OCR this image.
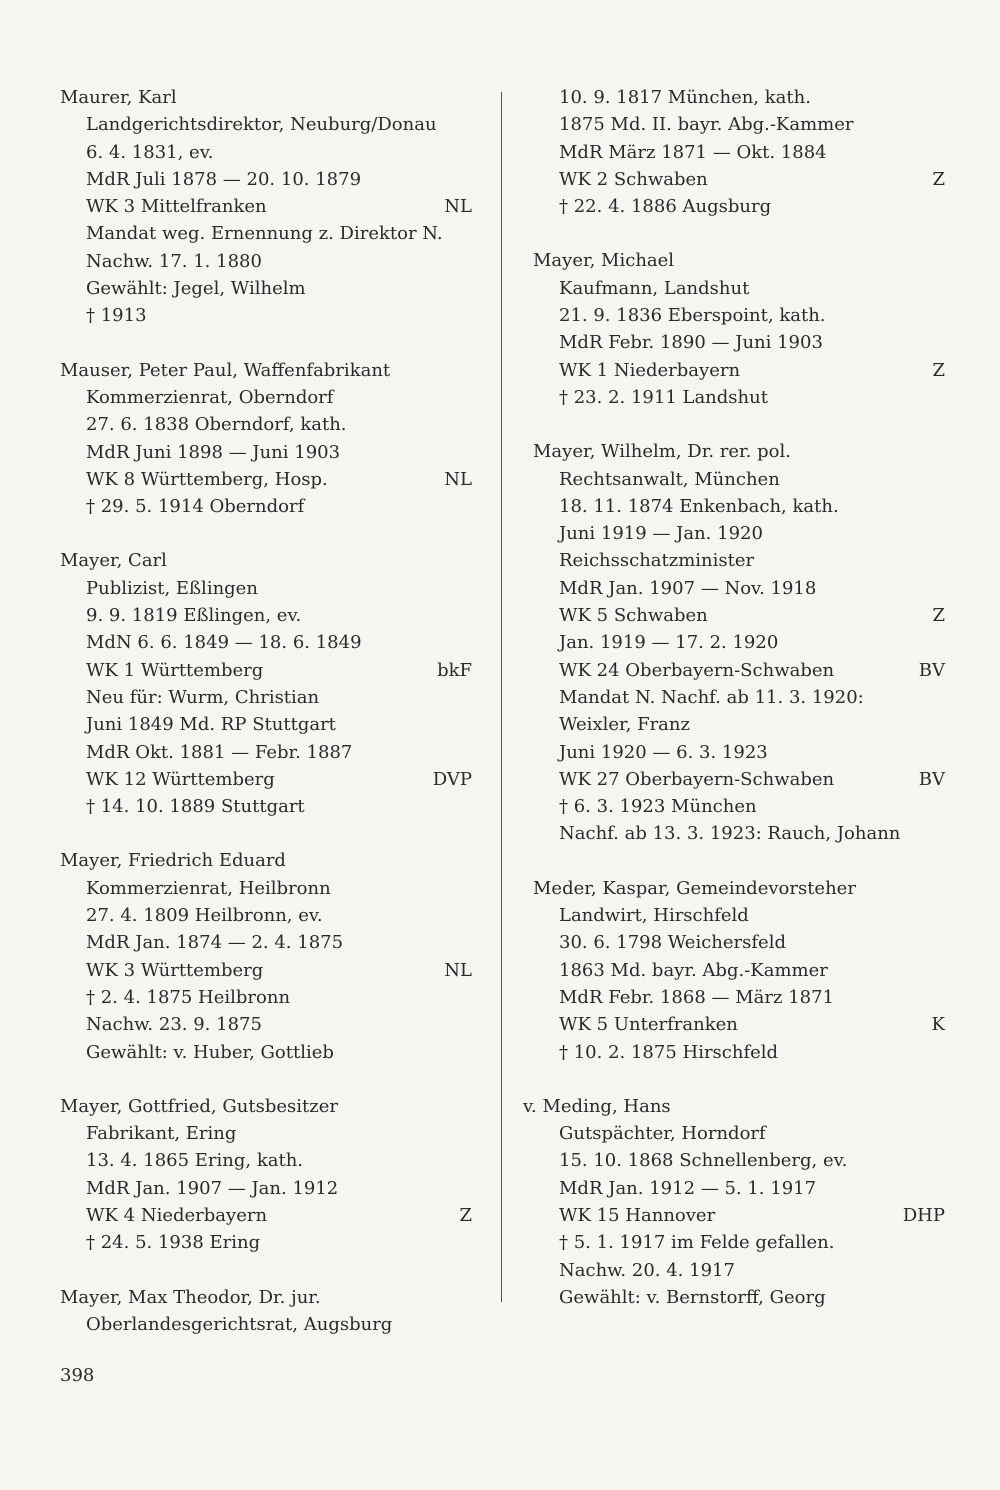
Maurer, Karl
Landgerichtsdirektor, Neuburg/Donau
6. 4. 1831, ev.
MdR Juli 1878 — 20. 10. 1879
WK 3 Mittelfranken	NL
Mandat weg. Ernennung z. Direktor N.
Nachw. 17. 1. 1880
Gewählt: Jegel, Wilhelm
† 1913
Mauser, Peter Paul, Waffenfabrikant
Kommerzienrat, Oberndorf
27. 6. 1838 Oberndorf, kath.
MdR Juni 1898 — Juni 1903
WK 8 Württemberg, Hosp.	NL
† 29. 5. 1914 Oberndorf
Mayer, Carl
Publizist, Eßlingen
9. 9. 1819 Eßlingen, ev.
MdN 6. 6. 1849 — 18. 6. 1849
WK 1 Württemberg	bkF
Neu für: Wurm, Christian
Juni 1849 Md. RP Stuttgart
MdR Okt. 1881 — Febr. 1887
WK 12 Württemberg	DVP
† 14. 10. 1889 Stuttgart
Mayer, Friedrich Eduard
Kommerzienrat, Heilbronn
27. 4. 1809 Heilbronn, ev.
MdR Jan. 1874 — 2. 4. 1875
WK 3 Württemberg	NL
† 2. 4. 1875 Heilbronn
Nachw. 23. 9. 1875
Gewählt: v. Huber, Gottlieb
Mayer, Gottfried, Gutsbesitzer
Fabrikant, Ering
13. 4. 1865 Ering, kath.
MdR Jan. 1907 — Jan. 1912
WK 4 Niederbayern	Z
† 24. 5. 1938 Ering
Mayer, Max Theodor, Dr. jur.
Oberlandesgerichtsrat, Augsburg
10. 9. 1817 München, kath.
1875 Md. II. bayr. Abg.-Kammer
MdR März 1871 — Okt. 1884
WK 2 Schwaben	Z
† 22. 4. 1886 Augsburg
Mayer, Michael
Kaufmann, Landshut
21. 9. 1836 Eberspoint, kath.
MdR Febr. 1890 — Juni 1903
WK 1 Niederbayern	Z
† 23. 2. 1911 Landshut
Mayer, Wilhelm, Dr. rer. pol.
Rechtsanwalt, München
18. 11. 1874 Enkenbach, kath.
Juni 1919 — Jan. 1920
Reichsschatzminister
MdR Jan. 1907 — Nov. 1918
WK 5 Schwaben	Z
Jan. 1919 — 17. 2. 1920
WK 24 Oberbayern-Schwaben	BV
Mandat N. Nachf. ab 11. 3. 1920:
Weixler, Franz
Juni 1920 — 6. 3. 1923
WK 27 Oberbayern-Schwaben	BV
† 6. 3. 1923 München
Nachf. ab 13. 3. 1923: Rauch, Johann
Meder, Kaspar, Gemeindevorsteher
Landwirt, Hirschfeld
30. 6. 1798 Weichersfeld
1863 Md. bayr. Abg.-Kammer
MdR Febr. 1868 — März 1871
WK 5 Unterfranken	K
† 10. 2. 1875 Hirschfeld
v. Meding, Hans
Gutspächter, Horndorf
15. 10. 1868 Schnellenberg, ev.
MdR Jan. 1912 — 5. 1. 1917
WK 15 Hannover	DHP
† 5. 1. 1917 im Felde gefallen.
Nachw. 20. 4. 1917
Gewählt: v. Bernstorff, Georg
398
